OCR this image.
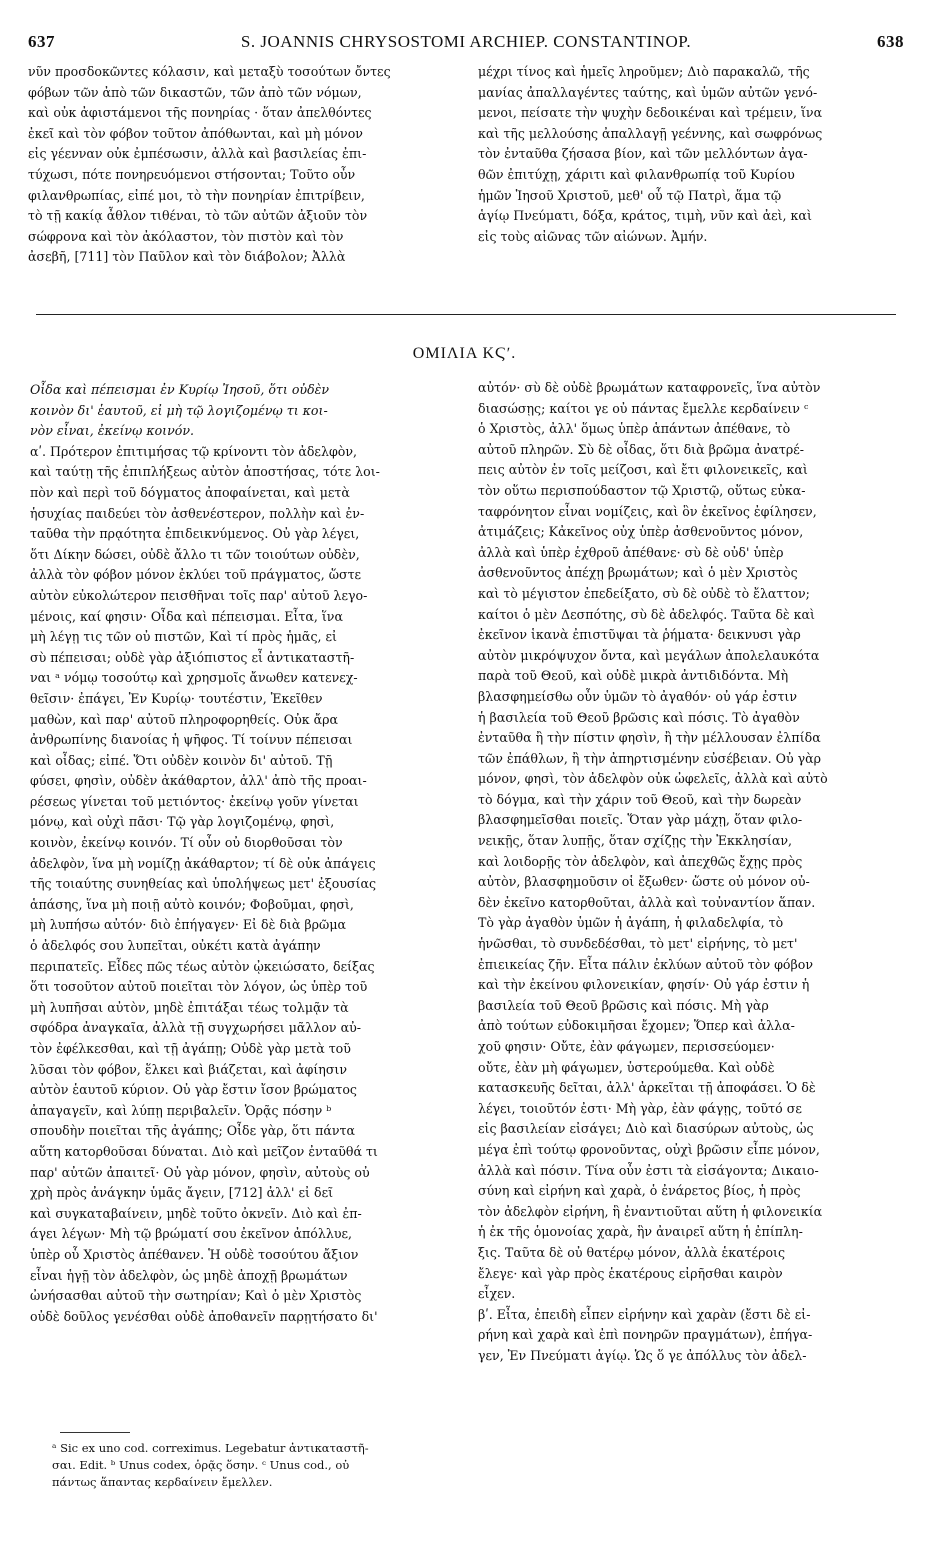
637	S. JOANNIS CHRYSOSTOMI ARCHIEP. CONSTANTINOP.	638
νῦν προσδοκῶντες κόλασιν, καὶ μεταξὺ τοσούτων ὄντες
φόβων τῶν ἀπὸ τῶν δικαστῶν, τῶν ἀπὸ τῶν νόμων,
καὶ οὐκ ἀφιστάμενοι τῆς πονηρίας · ὅταν ἀπελθόντες
ἐκεῖ καὶ τὸν φόβον τοῦτον ἀπόθωνται, καὶ μὴ μόνον
εἰς γέενναν οὐκ ἐμπέσωσιν, ἀλλὰ καὶ βασιλείας ἐπι-
τύχωσι, πότε πονηρευόμενοι στήσονται; Τοῦτο οὖν
φιλανθρωπίας, εἰπέ μοι, τὸ τὴν πονηρίαν ἐπιτρίβειν,
τὸ τῇ κακίᾳ ἆθλον τιθέναι, τὸ τῶν αὐτῶν ἀξιοῦν τὸν
σώφρονα καὶ τὸν ἀκόλαστον, τὸν πιστὸν καὶ τὸν
ἀσεβῆ, [711] τὸν Παῦλον καὶ τὸν διάβολον; Ἀλλὰ
μέχρι τίνος καὶ ἡμεῖς ληροῦμεν; Διὸ παρακαλῶ, τῆς
μανίας ἀπαλλαγέντες ταύτης, καὶ ὑμῶν αὐτῶν γενό-
μενοι, πείσατε τὴν ψυχὴν δεδοικέναι καὶ τρέμειν, ἵνα
καὶ τῆς μελλούσης ἀπαλλαγῇ γεέννης, καὶ σωφρόνως
τὸν ἐνταῦθα ζήσασα βίον, καὶ τῶν μελλόντων ἀγα-
θῶν ἐπιτύχῃ, χάριτι καὶ φιλανθρωπίᾳ τοῦ Κυρίου
ἡμῶν Ἰησοῦ Χριστοῦ, μεθ' οὗ τῷ Πατρὶ, ἅμα τῷ
ἁγίῳ Πνεύματι, δόξα, κράτος, τιμὴ, νῦν καὶ ἀεὶ, καὶ
εἰς τοὺς αἰῶνας τῶν αἰώνων. Ἀμήν.
ΟΜΙΛΙΑ ΚϚʹ.
Οἶδα καὶ πέπεισμαι ἐν Κυρίῳ Ἰησοῦ, ὅτι οὐδὲν
κοινὸν δι' ἑαυτοῦ, εἰ μὴ τῷ λογιζομένῳ τι κοι-
νὸν εἶναι, ἐκείνῳ κοινόν.
αʹ. Πρότερον ἐπιτιμήσας τῷ κρίνοντι τὸν ἀδελφὸν,
καὶ ταύτῃ τῆς ἐπιπλήξεως αὐτὸν ἀποστήσας, τότε λοι-
πὸν καὶ περὶ τοῦ δόγματος ἀποφαίνεται, καὶ μετὰ
ἡσυχίας παιδεύει τὸν ἀσθενέστερον, πολλὴν καὶ ἐν-
ταῦθα τὴν πρᾳότητα ἐπιδεικνύμενος. Οὐ γὰρ λέγει,
ὅτι Δίκην δώσει, οὐδὲ ἄλλο τι τῶν τοιούτων οὐδὲν,
ἀλλὰ τὸν φόβον μόνον ἐκλύει τοῦ πράγματος, ὥστε
αὐτὸν εὐκολώτερον πεισθῆναι τοῖς παρ' αὐτοῦ λεγο-
μένοις, καί φησιν· Οἶδα καὶ πέπεισμαι. Εἶτα, ἵνα
μὴ λέγῃ τις τῶν οὐ πιστῶν, Καὶ τί πρὸς ἡμᾶς, εἰ
σὺ πέπεισαι; οὐδὲ γὰρ ἀξιόπιστος εἶ ἀντικαταστῆ-
ναι ᵃ νόμῳ τοσούτῳ καὶ χρησμοῖς ἄνωθεν κατενεχ-
θεῖσιν· ἐπάγει, Ἐν Κυρίῳ· τουτέστιν, Ἐκεῖθεν
μαθὼν, καὶ παρ' αὐτοῦ πληροφορηθείς. Οὐκ ἄρα
ἀνθρωπίνης διανοίας ἡ ψῆφος. Τί τοίνυν πέπεισαι
καὶ οἶδας; εἰπέ. Ὅτι οὐδὲν κοινὸν δι' αὐτοῦ. Τῇ
φύσει, φησὶν, οὐδὲν ἀκάθαρτον, ἀλλ' ἀπὸ τῆς προαι-
ρέσεως γίνεται τοῦ μετιόντος· ἐκείνῳ γοῦν γίνεται
μόνῳ, καὶ οὐχὶ πᾶσι· Τῷ γὰρ λογιζομένῳ, φησὶ,
κοινὸν, ἐκείνῳ κοινόν. Τί οὖν οὐ διορθοῦσαι τὸν
ἀδελφὸν, ἵνα μὴ νομίζῃ ἀκάθαρτον; τί δὲ οὐκ ἀπάγεις
τῆς τοιαύτης συνηθείας καὶ ὑπολήψεως μετ' ἐξουσίας
ἁπάσης, ἵνα μὴ ποιῇ αὐτὸ κοινόν; Φοβοῦμαι, φησὶ,
μὴ λυπήσω αὐτόν· διὸ ἐπήγαγεν· Εἰ δὲ διὰ βρῶμα
ὁ ἀδελφός σου λυπεῖται, οὐκέτι κατὰ ἀγάπην
περιπατεῖς. Εἶδες πῶς τέως αὐτὸν ᾠκειώσατο, δείξας
ὅτι τοσοῦτον αὐτοῦ ποιεῖται τὸν λόγον, ὡς ὑπὲρ τοῦ
μὴ λυπῆσαι αὐτὸν, μηδὲ ἐπιτάξαι τέως τολμᾷν τὰ
σφόδρα ἀναγκαῖα, ἀλλὰ τῇ συγχωρήσει μᾶλλον αὐ-
τὸν ἐφέλκεσθαι, καὶ τῇ ἀγάπῃ; Οὐδὲ γὰρ μετὰ τοῦ
λῦσαι τὸν φόβον, ἕλκει καὶ βιάζεται, καὶ ἀφίησιν
αὐτὸν ἑαυτοῦ κύριον. Οὐ γὰρ ἔστιν ἴσον βρώματος
ἀπαγαγεῖν, καὶ λύπῃ περιβαλεῖν. Ὁρᾷς πόσην ᵇ
σπουδὴν ποιεῖται τῆς ἀγάπης; Οἶδε γὰρ, ὅτι πάντα
αὕτη κατορθοῦσαι δύναται. Διὸ καὶ μεῖζον ἐνταῦθά τι
παρ' αὐτῶν ἀπαιτεῖ· Οὐ γὰρ μόνον, φησὶν, αὐτοὺς οὐ
χρὴ πρὸς ἀνάγκην ὑμᾶς ἄγειν, [712] ἀλλ' εἰ δεῖ
καὶ συγκαταβαίνειν, μηδὲ τοῦτο ὀκνεῖν. Διὸ καὶ ἐπ-
άγει λέγων· Μὴ τῷ βρώματί σου ἐκεῖνον ἀπόλλυε,
ὑπὲρ οὗ Χριστὸς ἀπέθανεν. Ἡ οὐδὲ τοσούτου ἄξιον
εἶναι ἡγῇ τὸν ἀδελφὸν, ὡς μηδὲ ἀποχῇ βρωμάτων
ὠνήσασθαι αὐτοῦ τὴν σωτηρίαν; Καὶ ὁ μὲν Χριστὸς
οὐδὲ δοῦλος γενέσθαι οὐδὲ ἀποθανεῖν παρῃτήσατο δι'
αὐτόν· σὺ δὲ οὐδὲ βρωμάτων καταφρονεῖς, ἵνα αὐτὸν
διασώσῃς; καίτοι γε οὐ πάντας ἔμελλε κερδαίνειν ᶜ
ὁ Χριστὸς, ἀλλ' ὅμως ὑπὲρ ἁπάντων ἀπέθανε, τὸ
αὐτοῦ πληρῶν. Σὺ δὲ οἶδας, ὅτι διὰ βρῶμα ἀνατρέ-
πεις αὐτὸν ἐν τοῖς μείζοσι, καὶ ἔτι φιλονεικεῖς, καὶ
τὸν οὕτω περισπούδαστον τῷ Χριστῷ, οὕτως εὐκα-
ταφρόνητον εἶναι νομίζεις, καὶ ὃν ἐκεῖνος ἐφίλησεν,
ἀτιμάζεις; Κἀκεῖνος οὐχ ὑπὲρ ἀσθενοῦντος μόνον,
ἀλλὰ καὶ ὑπὲρ ἐχθροῦ ἀπέθανε· σὺ δὲ οὐδ' ὑπὲρ
ἀσθενοῦντος ἀπέχῃ βρωμάτων; καὶ ὁ μὲν Χριστὸς
καὶ τὸ μέγιστον ἐπεδείξατο, σὺ δὲ οὐδὲ τὸ ἔλαττον;
καίτοι ὁ μὲν Δεσπότης, σὺ δὲ ἀδελφός. Ταῦτα δὲ καὶ
ἐκεῖνον ἱκανὰ ἐπιστῦψαι τὰ ῥήματα· δεικνυσι γὰρ
αὐτὸν μικρόψυχον ὄντα, καὶ μεγάλων ἀπολελαυκότα
παρὰ τοῦ Θεοῦ, καὶ οὐδὲ μικρὰ ἀντιδιδόντα. Μὴ
βλασφημείσθω οὖν ὑμῶν τὸ ἀγαθόν· οὐ γάρ ἐστιν
ἡ βασιλεία τοῦ Θεοῦ βρῶσις καὶ πόσις. Τὸ ἀγαθὸν
ἐνταῦθα ἢ τὴν πίστιν φησὶν, ἢ τὴν μέλλουσαν ἐλπίδα
τῶν ἐπάθλων, ἢ τὴν ἀπηρτισμένην εὐσέβειαν. Οὐ γὰρ
μόνον, φησὶ, τὸν ἀδελφὸν οὐκ ὠφελεῖς, ἀλλὰ καὶ αὐτὸ
τὸ δόγμα, καὶ τὴν χάριν τοῦ Θεοῦ, καὶ τὴν δωρεὰν
βλασφημεῖσθαι ποιεῖς. Ὅταν γὰρ μάχῃ, ὅταν φιλο-
νεικῇς, ὅταν λυπῇς, ὅταν σχίζῃς τὴν Ἐκκλησίαν,
καὶ λοιδορῇς τὸν ἀδελφὸν, καὶ ἀπεχθῶς ἔχῃς πρὸς
αὐτὸν, βλασφημοῦσιν οἱ ἔξωθεν· ὥστε οὐ μόνον οὐ-
δὲν ἐκεῖνο κατορθοῦται, ἀλλὰ καὶ τοὐναντίον ἅπαν.
Τὸ γὰρ ἀγαθὸν ὑμῶν ἡ ἀγάπη, ἡ φιλαδελφία, τὸ
ἡνῶσθαι, τὸ συνδεδέσθαι, τὸ μετ' εἰρήνης, τὸ μετ'
ἐπιεικείας ζῆν. Εἶτα πάλιν ἐκλύων αὐτοῦ τὸν φόβον
καὶ τὴν ἐκείνου φιλονεικίαν, φησίν· Οὐ γάρ ἐστιν ἡ
βασιλεία τοῦ Θεοῦ βρῶσις καὶ πόσις. Μὴ γὰρ
ἀπὸ τούτων εὐδοκιμῆσαι ἔχομεν; Ὅπερ καὶ ἀλλα-
χοῦ φησιν· Οὔτε, ἐὰν φάγωμεν, περισσεύομεν·
οὔτε, ἐὰν μὴ φάγωμεν, ὑστερούμεθα. Καὶ οὐδὲ
κατασκευῆς δεῖται, ἀλλ' ἀρκεῖται τῇ ἀποφάσει. Ὁ δὲ
λέγει, τοιοῦτόν ἐστι· Μὴ γὰρ, ἐὰν φάγῃς, τοῦτό σε
εἰς βασιλείαν εἰσάγει; Διὸ καὶ διασύρων αὐτοὺς, ὡς
μέγα ἐπὶ τούτῳ φρονοῦντας, οὐχὶ βρῶσιν εἶπε μόνον,
ἀλλὰ καὶ πόσιν. Τίνα οὖν ἐστι τὰ εἰσάγοντα; Δικαιο-
σύνη καὶ εἰρήνη καὶ χαρὰ, ὁ ἐνάρετος βίος, ἡ πρὸς
τὸν ἀδελφὸν εἰρήνη, ἣ ἐναντιοῦται αὕτη ἡ φιλονεικία
ἡ ἐκ τῆς ὁμονοίας χαρὰ, ἣν ἀναιρεῖ αὕτη ἡ ἐπίπλη-
ξις. Ταῦτα δὲ οὐ θατέρῳ μόνον, ἀλλὰ ἑκατέροις
ἔλεγε· καὶ γὰρ πρὸς ἑκατέρους εἰρῆσθαι καιρὸν
εἶχεν.
βʹ. Εἶτα, ἐπειδὴ εἶπεν εἰρήνην καὶ χαρὰν (ἔστι δὲ εἰ-
ρήνη καὶ χαρὰ καὶ ἐπὶ πονηρῶν πραγμάτων), ἐπήγα-
γεν, Ἐν Πνεύματι ἁγίῳ. Ὡς ὅ γε ἀπόλλυς τὸν ἀδελ-
ᵃ Sic ex uno cod. correximus. Legebatur ἀντικαταστῆ-
σαι. Edit. ᵇ Unus codex, ὁρᾷς ὅσην. ᶜ Unus cod., οὐ
πάντως ἅπαντας κερδαίνειν ἔμελλεν.
